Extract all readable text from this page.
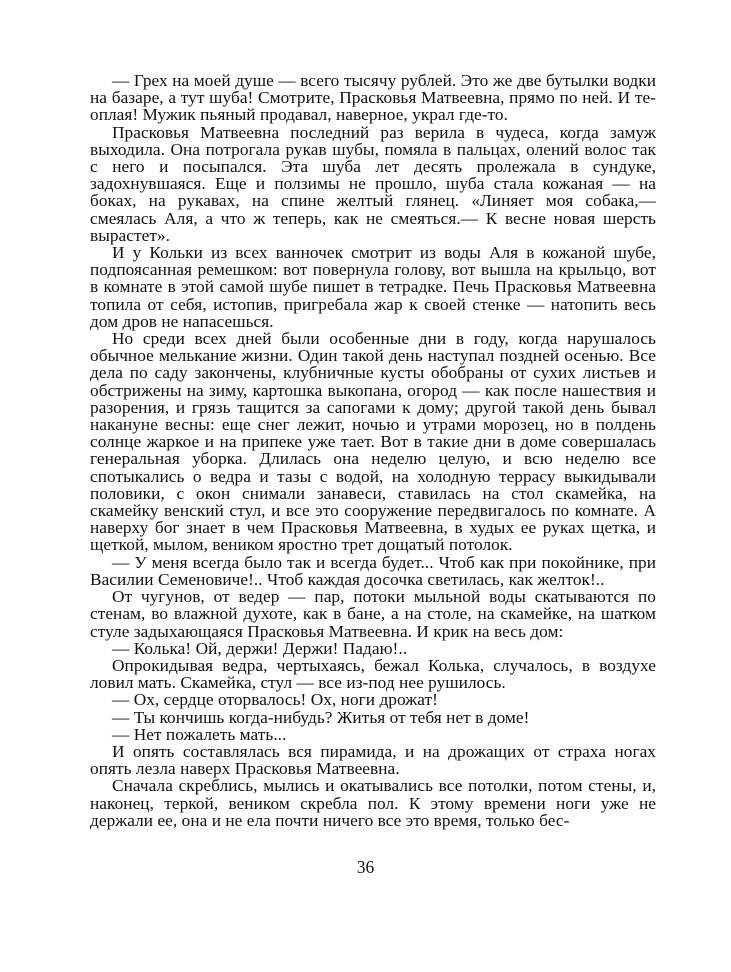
— Грех на моей душе — всего тысячу рублей. Это же две бутылки водки на базаре, а тут шуба! Смотрите, Прасковья Матвеевна, прямо по ней. И те-оплая! Мужик пьяный продавал, наверное, украл где-то.

Прасковья Матвеевна последний раз верила в чудеса, когда замуж выходила. Она потрогала рукав шубы, помяла в пальцах, олений волос так с него и посыпался. Эта шуба лет десять пролежала в сундуке, задохнувшаяся. Еще и ползимы не прошло, шуба стала кожаная — на боках, на рукавах, на спине желтый глянец. «Линяет моя собака,— смеялась Аля, а что ж теперь, как не смеяться.— К весне новая шерсть вырастет».

И у Кольки из всех ванночек смотрит из воды Аля в кожаной шубе, подпоясанная ремешком: вот повернула голову, вот вышла на крыльцо, вот в комнате в этой самой шубе пишет в тетрадке. Печь Прасковья Матвеевна топила от себя, истопив, пригребала жар к своей стенке — натопить весь дом дров не напасешься.

Но среди всех дней были особенные дни в году, когда нарушалось обычное мелькание жизни. Один такой день наступал поздней осенью. Все дела по саду закончены, клубничные кусты обобраны от сухих листьев и обстрижены на зиму, картошка выкопана, огород — как после нашествия и разорения, и грязь тащится за сапогами к дому; другой такой день бывал накануне весны: еще снег лежит, ночью и утрами морозец, но в полдень солнце жаркое и на припеке уже тает. Вот в такие дни в доме совершалась генеральная уборка. Длилась она неделю целую, и всю неделю все спотыкались о ведра и тазы с водой, на холодную террасу выкидывали половики, с окон снимали занавеси, ставилась на стол скамейка, на скамейку венский стул, и все это сооружение передвигалось по комнате. А наверху бог знает в чем Прасковья Матвеевна, в худых ее руках щетка, и щеткой, мылом, веником яростно трет дощатый потолок.

— У меня всегда было так и всегда будет... Чтоб как при покойнике, при Василии Семеновиче!.. Чтоб каждая досочка светилась, как желток!..

От чугунов, от ведер — пар, потоки мыльной воды скатываются по стенам, во влажной духоте, как в бане, а на столе, на скамейке, на шатком стуле задыхающаяся Прасковья Матвеевна. И крик на весь дом:

— Колька! Ой, держи! Держи! Падаю!..

Опрокидывая ведра, чертыхаясь, бежал Колька, случалось, в воздухе ловил мать. Скамейка, стул — все из-под нее рушилось.

— Ох, сердце оторвалось! Ох, ноги дрожат!

— Ты кончишь когда-нибудь? Житья от тебя нет в доме!

— Нет пожалеть мать...

И опять составлялась вся пирамида, и на дрожащих от страха ногах опять лезла наверх Прасковья Матвеевна.

Сначала скреблись, мылись и окатывались все потолки, потом стены, и, наконец, теркой, веником скребла пол. К этому времени ноги уже не держали ее, она и не ела почти ничего все это время, только бес-

36
